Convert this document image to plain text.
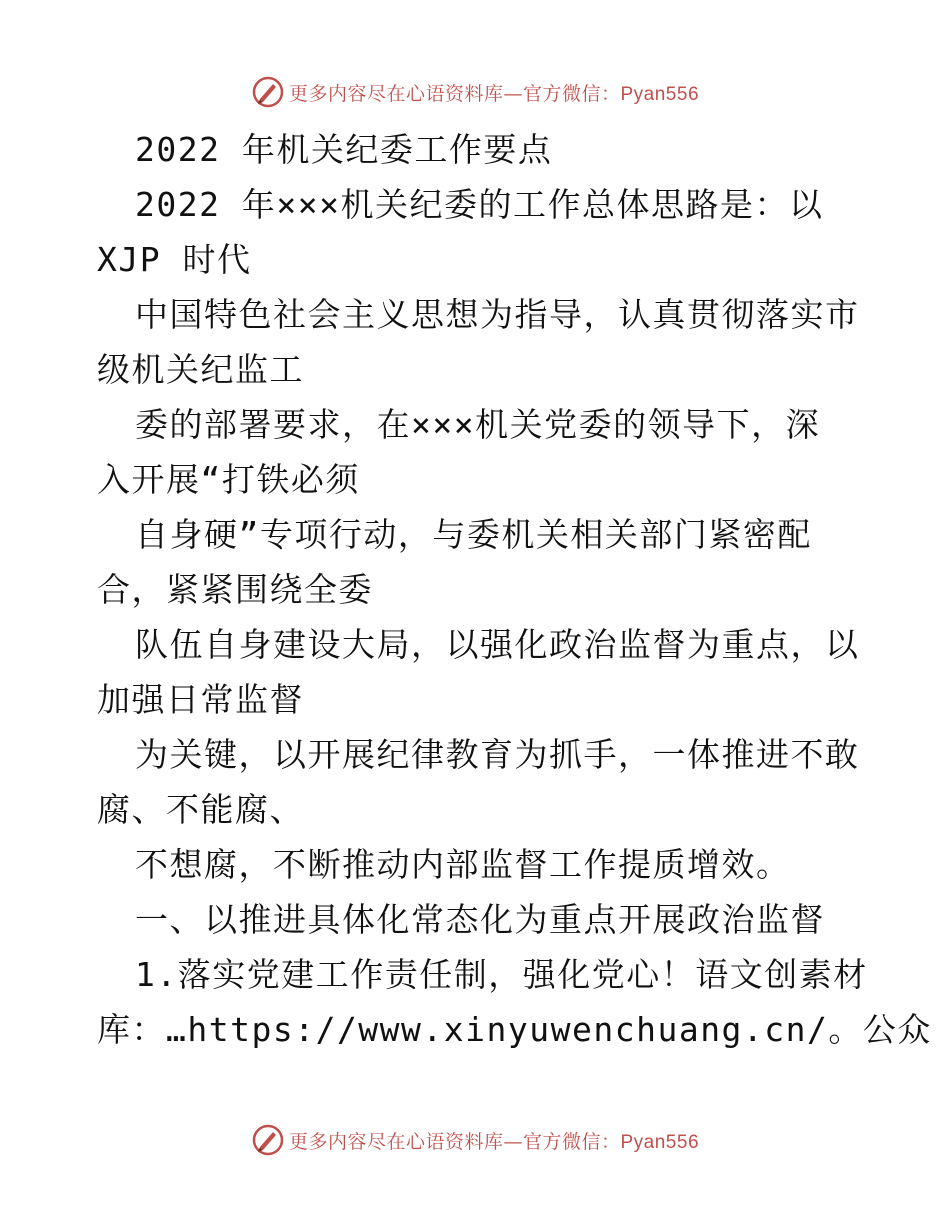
更多内容尽在心语资料库—官方微信：Pyan556
2022 年机关纪委工作要点
2022 年×××机关纪委的工作总体思路是：以
XJP 时代
中国特色社会主义思想为指导，认真贯彻落实市
级机关纪监工
委的部署要求，在×××机关党委的领导下，深
入开展“打铁必须
自身硬”专项行动，与委机关相关部门紧密配
合，紧紧围绕全委
队伍自身建设大局，以强化政治监督为重点，以
加强日常监督
为关键，以开展纪律教育为抓手，一体推进不敢
腐、不能腐、
不想腐，不断推动内部监督工作提质增效。
一、以推进具体化常态化为重点开展政治监督
1.落实党建工作责任制，强化党心！语文创素材
库：…https://www.xinyuwenchuang.cn/。公众
更多内容尽在心语资料库—官方微信：Pyan556
